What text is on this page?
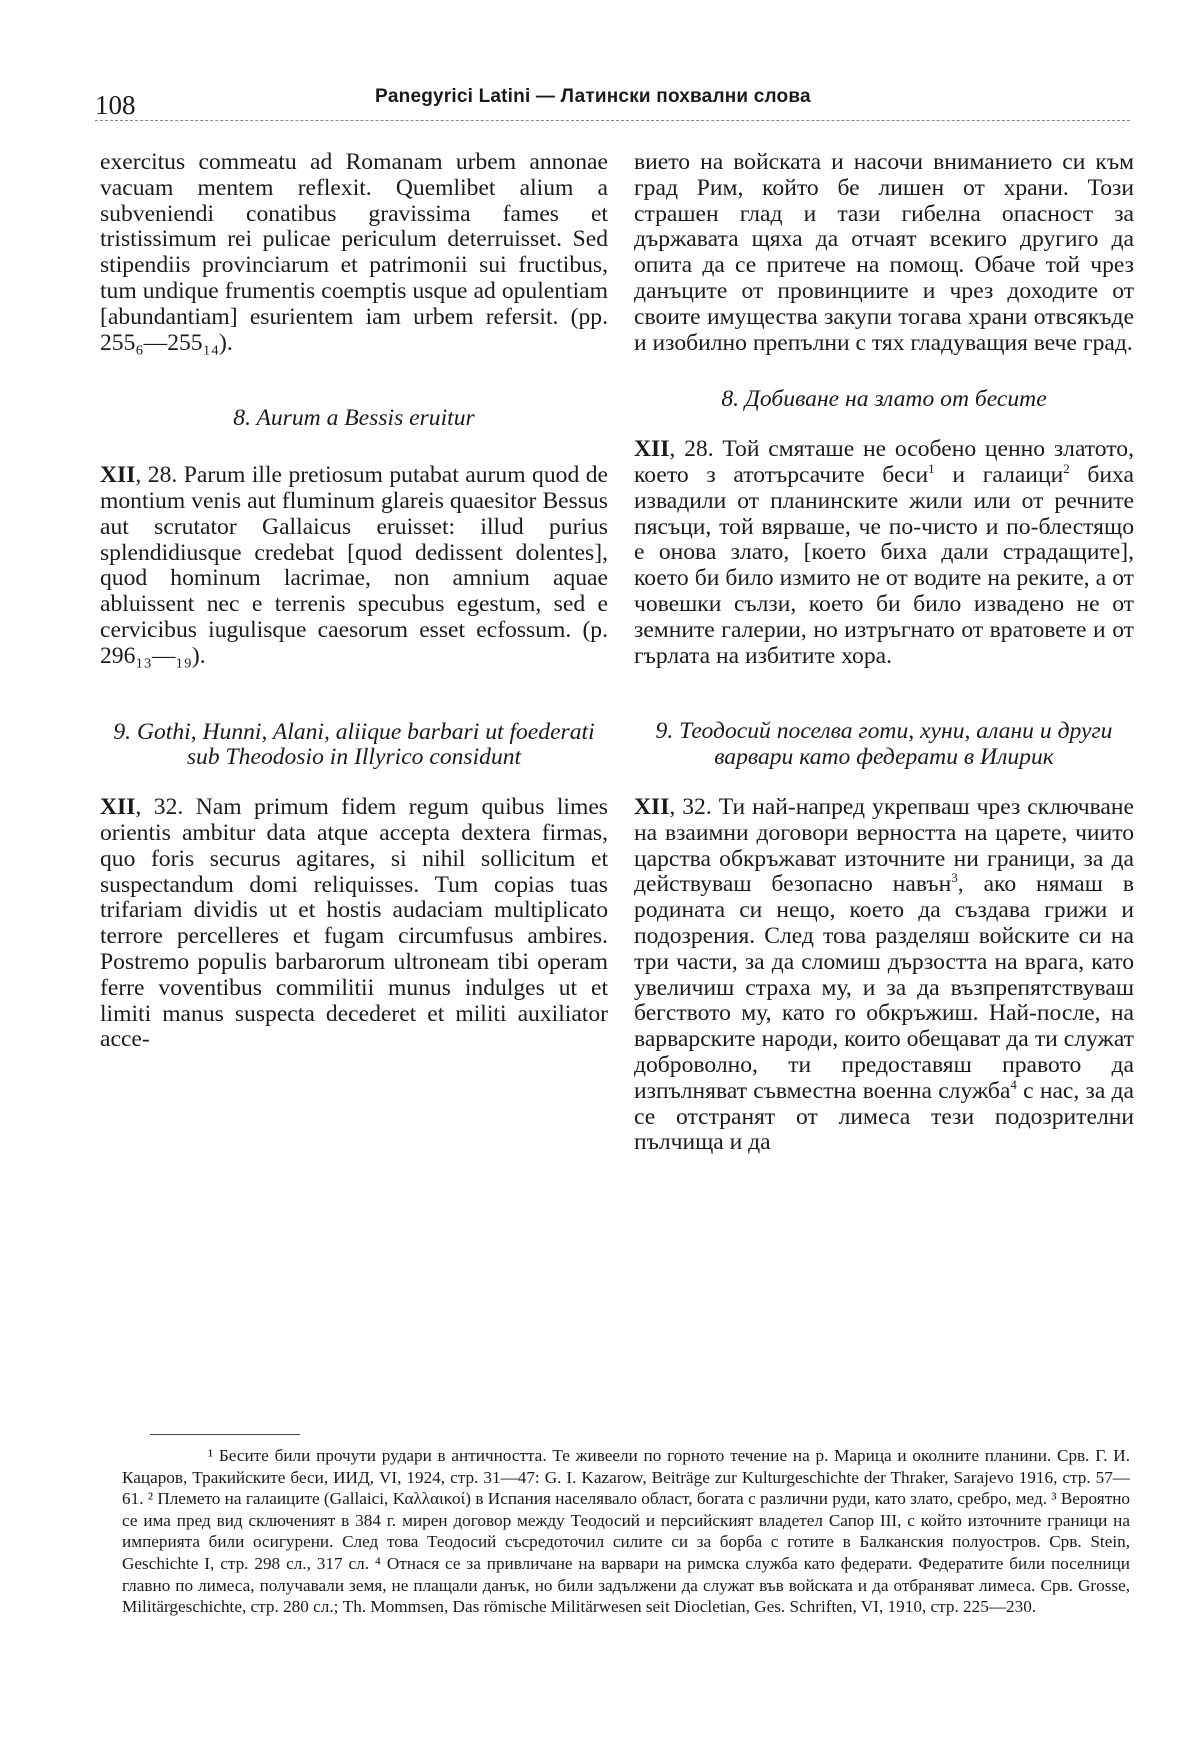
108	Panegyrici Latini — Латински похвални слова

exercitus commeatu ad Romanam urbem annonae vacuam mentem reflexit. Quemlibet alium a subveniendi conatibus gravissima fames et tristissimum rei pulicae periculum deterruisset. Sed stipendiis provinciarum et patrimonii sui fructibus, tum undique frumentis coemptis usque ad opulentiam [abundantiam] esurientem iam urbem refersit. (pp. 255₆—255₁₄).

8. Aurum a Bessis eruitur

XII, 28. Parum ille pretiosum putabat aurum quod de montium venis aut fluminum glareis quaesitor Bessus aut scrutator Gallaicus eruisset: illud purius splendidiusque credebat [quod dedissent dolentes], quod hominum lacrimae, non amnium aquae abluissent nec e terrenis specubus egestum, sed e cervicibus iugulisque caesorum esset ecfossum. (p. 296₁₃—₁₉).

9. Gothi, Hunni, Alani, aliique barbari ut foederati sub Theodosio in Illyrico considunt

XII, 32. Nam primum fidem regum quibus limes orientis ambitur data atque accepta dextera firmas, quo foris securus agitares, si nihil sollicitum et suspectandum domi reliquisses. Tum copias tuas trifariam dividis ut et hostis audaciam multiplicato terrore percelleres et fugam circumfusus ambires. Postremo populis barbarorum ultroneam tibi operam ferre voventibus commilitii munus indulges ut et limiti manus suspecta decederet et militi auxiliator acce-

вието на войската и насочи вниманието си към град Рим, който бе лишен от храни. Този страшен глад и тази гибелна опасност за държавата щяха да отчаят всекиго другиго да опита да се притече на помощ. Обаче той чрез данъците от провинциите и чрез доходите от своите имущества закупи тогава храни отвсякъде и изобилно препълни с тях гладуващия вече град.

8. Добиване на злато от бесите

XII, 28. Той смяташе не особено ценно златото, което з атотърсачите беси$^1$ и галаици$^2$ биха извадили от планинските жили или от речните пясъци, той вярваше, че по-чисто и по-блестящо е онова злато, [което биха дали страдащите], което би било измито не от водите на реките, а от човешки сълзи, което би било извадено не от земните галерии, но изтръгнато от вратовете и от гърлата на избитите хора.

9. Теодосий поселва готи, хуни, алани и други варвари като федерати в Илирик

XII, 32. Ти най-напред укрепваш чрез сключване на взаимни договори верността на царете, чиито царства обкръжават източните ни граници, за да действуваш безопасно навън$^3$, ако нямаш в родината си нещо, което да създава грижи и подозрения. След това разделяш войските си на три части, за да сломиш дързостта на врага, като увеличиш страха му, и за да възпрепятствуваш бегството му, като го обкръжиш. Най-после, на варварските народи, които обещават да ти служат доброволно, ти предоставяш правото да изпълняват съвместна военна служба$^4$ с нас, за да се отстранят от лимеса тези подозрителни пълчища и да

¹ Бесите били прочути рудари в античността. Те живеели по горното течение на р. Марица и околните планини. Срв. Г. И. Кацаров, Тракийските беси, ИИД, VI, 1924, стр. 31—47: G. I. Kazarow, Beiträge zur Kulturgeschichte der Thraker, Sarajevo 1916, стр. 57—61. ² Племето на галаиците (Gallaici, Καλλαικοί) в Испания населявало област, богата с различни руди, като злато, сребро, мед. ³ Вероятно се има пред вид сключеният в 384 г. мирен договор между Теодосий и персийският владетел Сапор III, с който източните граници на империята били осигурени. След това Теодосий съсредоточил силите си за борба с готите в Балканския полуостров. Срв. Stein, Geschichte I, стр. 298 сл., 317 сл. ⁴ Отнася се за привличане на варвари на римска служба като федерати. Федератите били поселници главно по лимеса, получавали земя, не плащали данък, но били задължени да служат във войската и да отбраняват лимеса. Срв. Grosse, Militärgeschichte, стр. 280 сл.; Th. Mommsen, Das römische Militärwesen seit Diocletian, Ges. Schriften, VI, 1910, стр. 225—230.
